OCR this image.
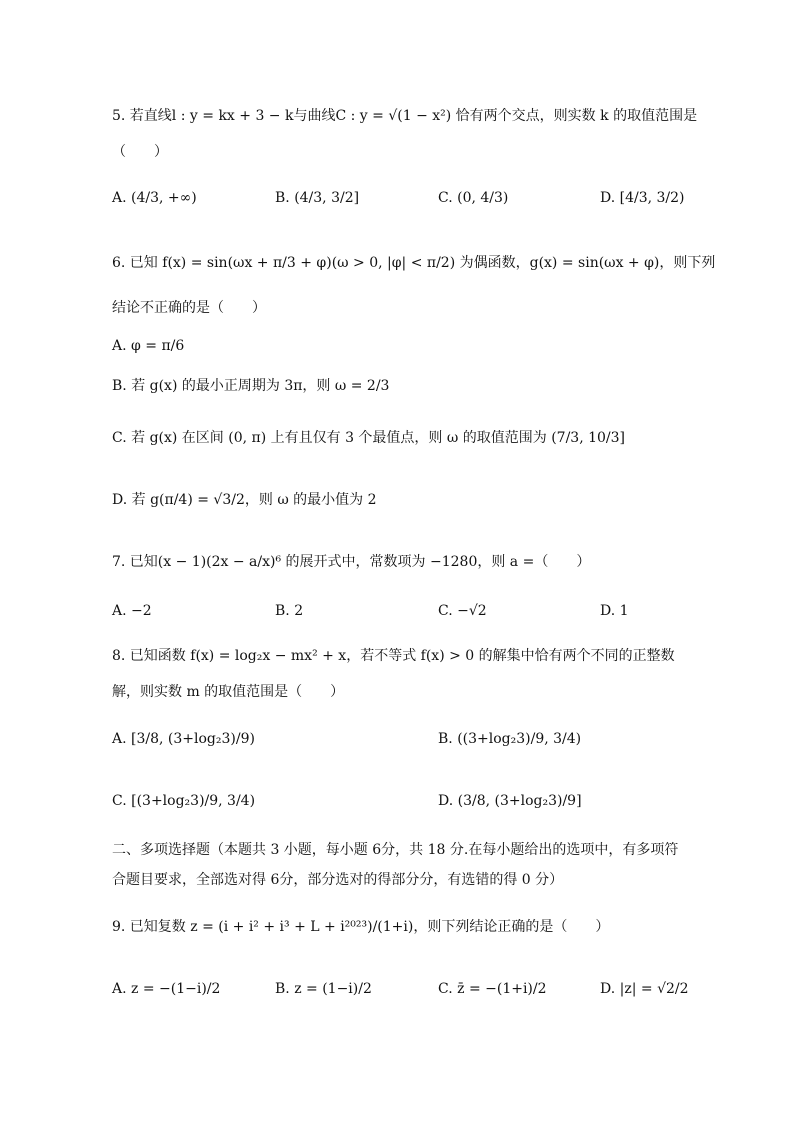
5. 若直线l : y = kx + 3 − k与曲线C : y = √(1 − x²) 恰有两个交点，则实数 k 的取值范围是
（　　）
A. (4/3, +∞)	B. (4/3, 3/2]	C. (0, 4/3)	D. [4/3, 3/2)
6. 已知 f(x) = sin(ωx + π/3 + φ)(ω > 0, |φ| < π/2) 为偶函数，g(x) = sin(ωx + φ)，则下列
结论不正确的是（　　）
A. φ = π/6
B. 若 g(x) 的最小正周期为 3π，则 ω = 2/3
C. 若 g(x) 在区间 (0, π) 上有且仅有 3 个最值点，则 ω 的取值范围为 (7/3, 10/3]
D. 若 g(π/4) = √3/2，则 ω 的最小值为 2
7. 已知(x − 1)(2x − a/x)⁶ 的展开式中，常数项为 −1280，则 a =（　　）
A. −2	B. 2	C. −√2	D. 1
8. 已知函数 f(x) = log₂x − mx² + x，若不等式 f(x) > 0 的解集中恰有两个不同的正整数
解，则实数 m 的取值范围是（　　）
A. [3/8, (3+log₂3)/9)	B. ((3+log₂3)/9, 3/4)
C. [(3+log₂3)/9, 3/4)	D. (3/8, (3+log₂3)/9]
二、多项选择题（本题共 3 小题，每小题 6分，共 18 分.在每小题给出的选项中，有多项符
合题目要求，全部选对得 6分，部分选对的得部分分，有选错的得 0 分）
9. 已知复数 z = (i + i² + i³ + L + i²⁰²³)/(1+i)，则下列结论正确的是（　　）
A. z = −(1−i)/2	B. z = (1−i)/2	C. z̄ = −(1+i)/2	D. |z| = √2/2
